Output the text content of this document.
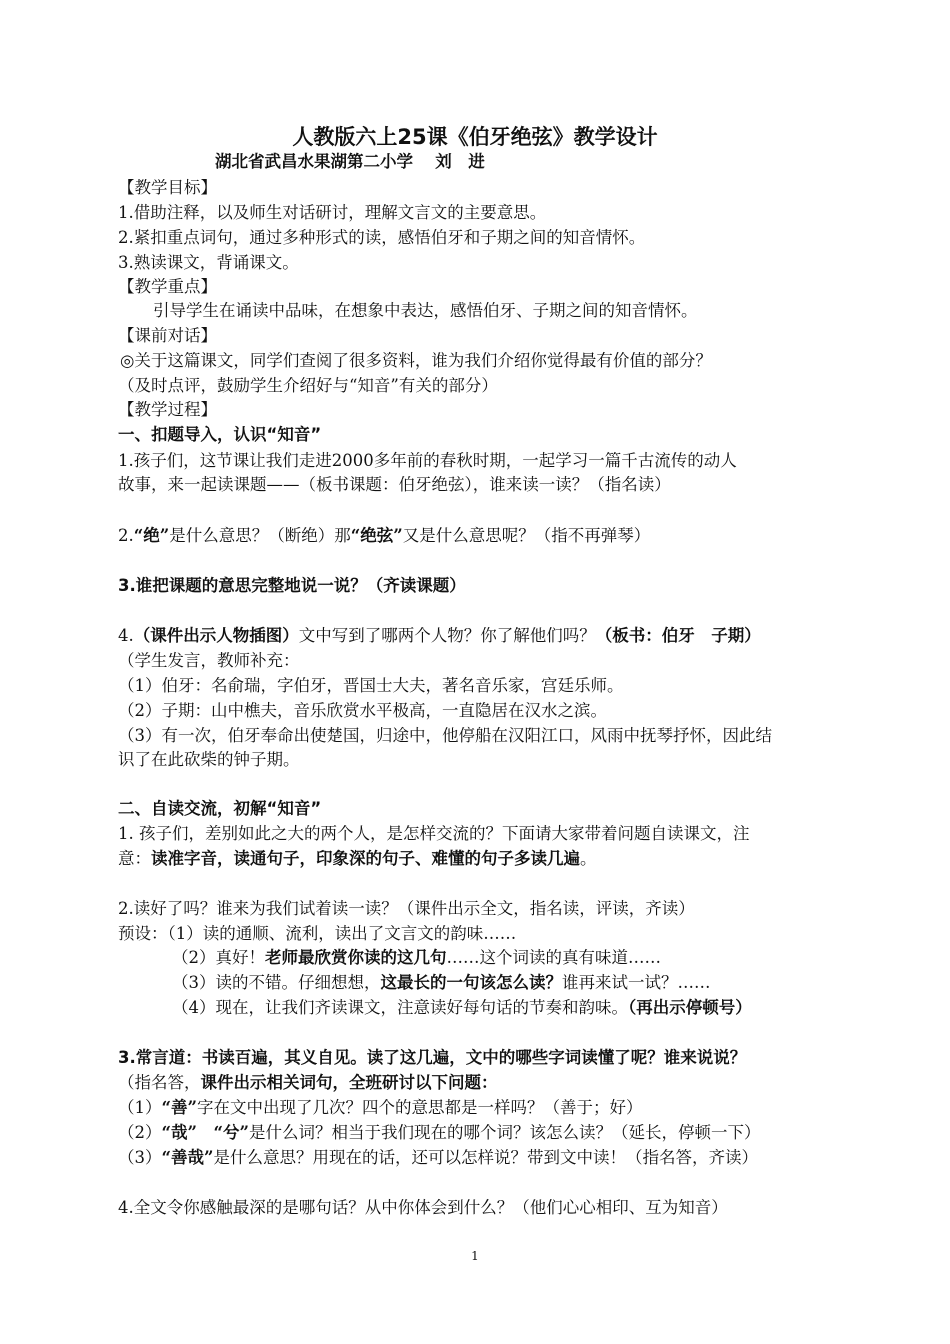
人教版六上25课《伯牙绝弦》教学设计
湖北省武昌水果湖第二小学　 刘　进
【教学目标】
1.借助注释，以及师生对话研讨，理解文言文的主要意思。
2.紧扣重点词句，通过多种形式的读，感悟伯牙和子期之间的知音情怀。
3.熟读课文，背诵课文。
【教学重点】
引导学生在诵读中品味，在想象中表达，感悟伯牙、子期之间的知音情怀。
【课前对话】
◎关于这篇课文，同学们查阅了很多资料，谁为我们介绍你觉得最有价值的部分？
（及时点评，鼓励学生介绍好与“知音”有关的部分）
【教学过程】
一、扣题导入，认识“知音”
1.孩子们，这节课让我们走进2000多年前的春秋时期，一起学习一篇千古流传的动人
故事，来一起读课题——（板书课题：伯牙绝弦），谁来读一读？（指名读）
2.“绝”是什么意思？（断绝）那“绝弦”又是什么意思呢？（指不再弹琴）
3.谁把课题的意思完整地说一说？（齐读课题）
4.（课件出示人物插图）文中写到了哪两个人物？你了解他们吗？（板书：伯牙　子期）
（学生发言，教师补充：
（1）伯牙：名俞瑞，字伯牙，晋国士大夫，著名音乐家，宫廷乐师。
（2）子期：山中樵夫，音乐欣赏水平极高，一直隐居在汉水之滨。
（3）有一次，伯牙奉命出使楚国，归途中，他停船在汉阳江口，风雨中抚琴抒怀，因此结
识了在此砍柴的钟子期。
二、自读交流，初解“知音”
1. 孩子们，差别如此之大的两个人，是怎样交流的？下面请大家带着问题自读课文，注
意：读准字音，读通句子，印象深的句子、难懂的句子多读几遍。
2.读好了吗？谁来为我们试着读一读？（课件出示全文，指名读，评读，齐读）
预设：（1）读的通顺、流利，读出了文言文的韵味……
（2）真好！老师最欣赏你读的这几句……这个词读的真有味道……
（3）读的不错。仔细想想，这最长的一句该怎么读？谁再来试一试？……
（4）现在，让我们齐读课文，注意读好每句话的节奏和韵味。（再出示停顿号）
3.常言道：书读百遍，其义自见。读了这几遍，文中的哪些字词读懂了呢？谁来说说？
（指名答，课件出示相关词句，全班研讨以下问题：
（1）“善”字在文中出现了几次？四个的意思都是一样吗？（善于；好）
（2）“哉”　 “兮”是什么词？相当于我们现在的哪个词？该怎么读？（延长，停顿一下）
（3）“善哉”是什么意思？用现在的话，还可以怎样说？带到文中读！（指名答，齐读）
4.全文令你感触最深的是哪句话？从中你体会到什么？（他们心心相印、互为知音）
1
